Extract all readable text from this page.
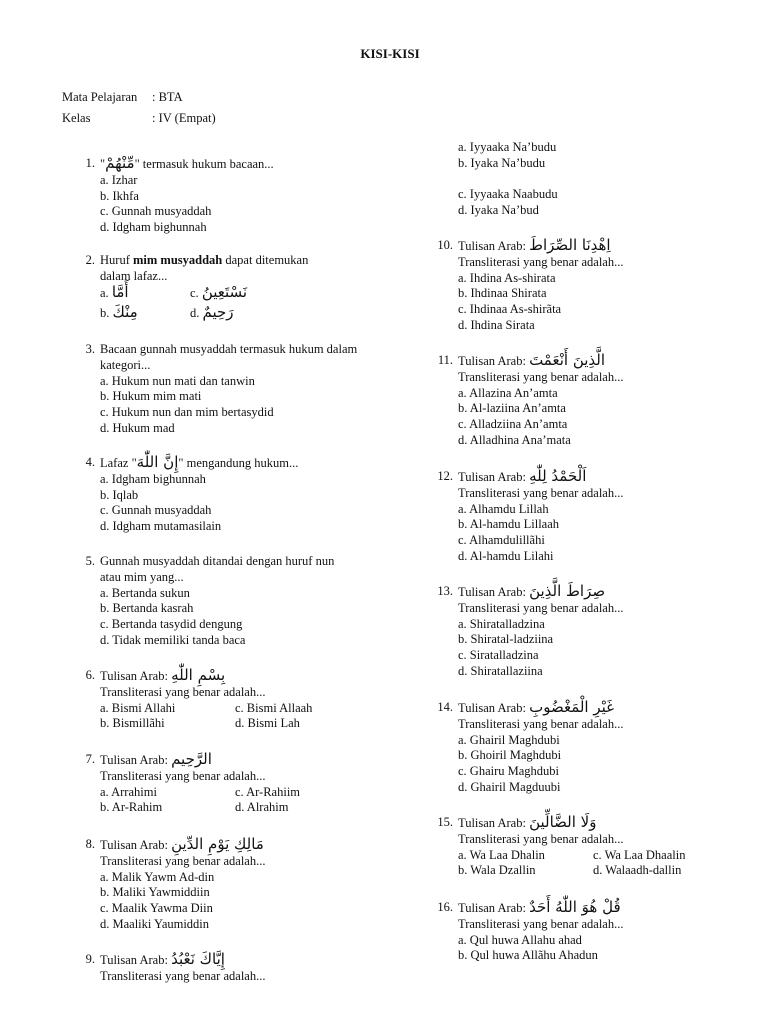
KISI-KISI
Mata Pelajaran : BTA
Kelas	: IV (Empat)
1. "مِّنْهُمْ" termasuk hukum bacaan...
a. Izhar
b. Ikhfa
c. Gunnah musyaddah
d. Idgham bighunnah
2. Huruf mim musyaddah dapat ditemukan
dalam lafaz...
a. أَمَّا	c. نَسْتَعِينُ
b. مِنْكَ	d. رَحِيمٌ
3. Bacaan gunnah musyaddah termasuk hukum dalam
kategori...
a. Hukum nun mati dan tanwin
b. Hukum mim mati
c. Hukum nun dan mim bertasydid
d. Hukum mad
4. Lafaz "إِنَّ اللّٰهَ" mengandung hukum...
a. Idgham bighunnah
b. Iqlab
c. Gunnah musyaddah
d. Idgham mutamasilain
5. Gunnah musyaddah ditandai dengan huruf nun
atau mim yang...
a. Bertanda sukun
b. Bertanda kasrah
c. Bertanda tasydid dengung
d. Tidak memiliki tanda baca
6. Tulisan Arab: بِسْمِ اللّٰهِ
Transliterasi yang benar adalah...
a. Bismi Allahi	c. Bismi Allaah
b. Bismillãhi	d. Bismi Lah
7. Tulisan Arab: الرَّحِيم
Transliterasi yang benar adalah...
a. Arrahimi	c. Ar-Rahiim
b. Ar-Rahim	d. Alrahim
8. Tulisan Arab: مَالِكِ يَوْمِ الدِّينِ
Transliterasi yang benar adalah...
a. Malik Yawm Ad-din
b. Maliki Yawmiddiin
c. Maalik Yawma Diin
d. Maaliki Yaumiddin
9. Tulisan Arab: إِيَّاكَ نَعْبُدُ
Transliterasi yang benar adalah...
a. Iyyaaka Na’budu
b. Iyaka Na’budu
c. Iyyaaka Naabudu
d. Iyaka Na’bud
10. Tulisan Arab: اِهْدِنَا الصِّرَاطَ
Transliterasi yang benar adalah...
a. Ihdina As-shirata
b. Ihdinaa Shirata
c. Ihdinaa As-shirãta
d. Ihdina Sirata
11. Tulisan Arab: الَّذِينَ أَنْعَمْتَ
Transliterasi yang benar adalah...
a. Allazina An’amta
b. Al-laziina An’amta
c. Alladziina An’amta
d. Alladhina Ana’mata
12. Tulisan Arab: اَلْحَمْدُ لِلّٰهِ
Transliterasi yang benar adalah...
a. Alhamdu Lillah
b. Al-hamdu Lillaah
c. Alhamdulillãhi
d. Al-hamdu Lilahi
13. Tulisan Arab: صِرَاطَ الَّذِينَ
Transliterasi yang benar adalah...
a. Shiratalladzina
b. Shiratal-ladziina
c. Siratalladzina
d. Shiratallaziina
14. Tulisan Arab: غَيْرِ الْمَغْضُوبِ
Transliterasi yang benar adalah...
a. Ghairil Maghdubi
b. Ghoiril Maghdubi
c. Ghairu Maghdubi
d. Ghairil Magduubi
15. Tulisan Arab: وَلَا الضَّالِّينَ
Transliterasi yang benar adalah...
a. Wa Laa Dhalin	c. Wa Laa Dhaalin
b. Wala Dzallin	d. Walaadh-dallin
16. Tulisan Arab: قُلْ هُوَ اللّٰهُ أَحَدٌ
Transliterasi yang benar adalah...
a. Qul huwa Allahu ahad
b. Qul huwa Allãhu Ahadun
